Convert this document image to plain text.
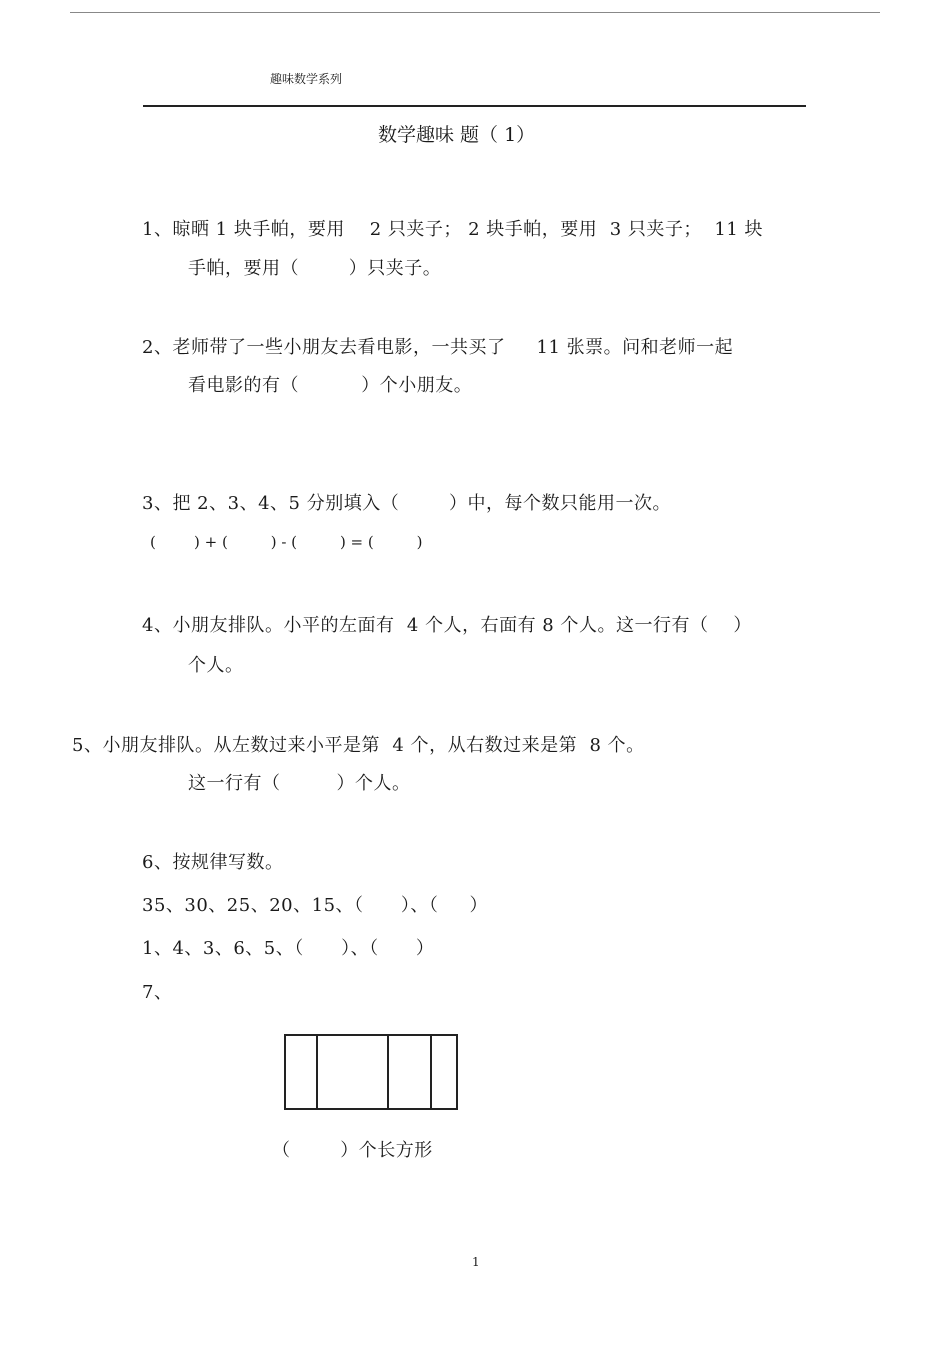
趣味数学系列
数学趣味 题（ 1）
1、晾晒 1 块手帕，要用    2 只夹子； 2 块手帕，要用  3 只夹子；  11 块
手帕，要用（        ）只夹子。
2、老师带了一些小朋友去看电影，一共买了     11 张票。问和老师一起
看电影的有（          ）个小朋友。
3、把 2、3、4、5 分别填入（        ）中，每个数只能用一次。
(        ) + (         ) - (         ) = (         )
4、小朋友排队。小平的左面有  4 个人，右面有 8 个人。这一行有（    ）
个人。
5、小朋友排队。从左数过来小平是第  4 个，从右数过来是第  8 个。
这一行有（         ）个人。
6、按规律写数。
35、30、25、20、15、（      ）、（     ）
1、4、3、6、5、（      ）、（      ）
7、
（        ）个长方形
1
